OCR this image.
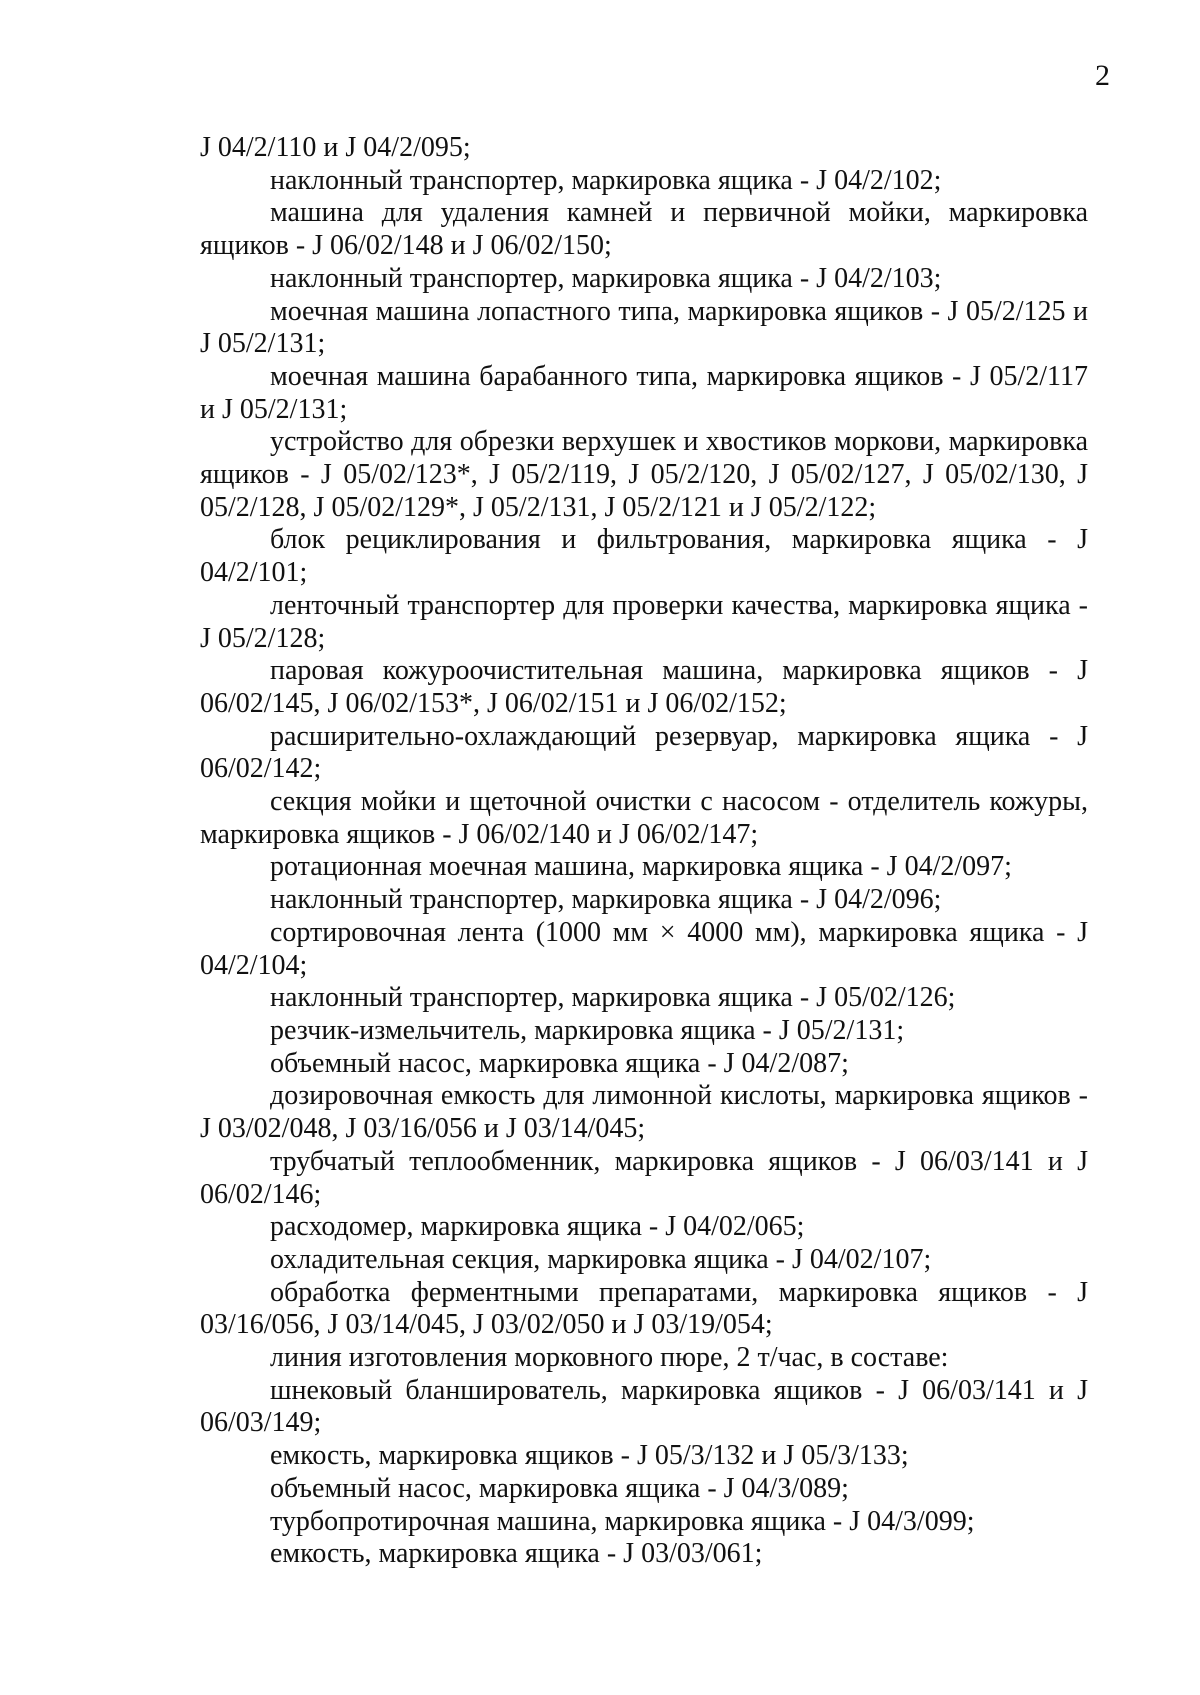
2

J 04/2/110 и J 04/2/095;

наклонный транспортер, маркировка ящика - J 04/2/102;

машина для удаления камней и первичной мойки, маркировка ящиков - J 06/02/148 и J 06/02/150;

наклонный транспортер, маркировка ящика - J 04/2/103;

моечная машина лопастного типа, маркировка ящиков - J 05/2/125 и J 05/2/131;

моечная машина барабанного типа, маркировка ящиков - J 05/2/117 и J 05/2/131;

устройство для обрезки верхушек и хвостиков моркови, маркировка ящиков - J 05/02/123*, J 05/2/119, J 05/2/120, J 05/02/127, J 05/02/130, J 05/2/128, J 05/02/129*, J 05/2/131, J 05/2/121 и J 05/2/122;

блок рециклирования и фильтрования, маркировка ящика - J 04/2/101;

ленточный транспортер для проверки качества, маркировка ящика - J 05/2/128;

паровая кожуроочистительная машина, маркировка ящиков - J 06/02/145, J 06/02/153*, J 06/02/151 и J 06/02/152;

расширительно-охлаждающий резервуар, маркировка ящика - J 06/02/142;

секция мойки и щеточной очистки с насосом - отделитель кожуры, маркировка ящиков - J 06/02/140 и J 06/02/147;

ротационная моечная машина, маркировка ящика - J 04/2/097;

наклонный транспортер, маркировка ящика - J 04/2/096;

сортировочная лента (1000 мм × 4000 мм), маркировка ящика - J 04/2/104;

наклонный транспортер, маркировка ящика - J 05/02/126;

резчик-измельчитель, маркировка ящика - J 05/2/131;

объемный насос, маркировка ящика - J 04/2/087;

дозировочная емкость для лимонной кислоты, маркировка ящиков - J 03/02/048, J 03/16/056 и J 03/14/045;

трубчатый теплообменник, маркировка ящиков - J 06/03/141 и J 06/02/146;

расходомер, маркировка ящика - J 04/02/065;

охладительная секция, маркировка ящика - J 04/02/107;

обработка ферментными препаратами, маркировка ящиков - J 03/16/056, J 03/14/045, J 03/02/050 и J 03/19/054;

линия изготовления морковного пюре, 2 т/час, в составе:

шнековый бланширователь, маркировка ящиков - J 06/03/141 и J 06/03/149;

емкость, маркировка ящиков - J 05/3/132 и J 05/3/133;

объемный насос, маркировка ящика - J 04/3/089;

турбопротирочная машина, маркировка ящика - J 04/3/099;

емкость, маркировка ящика - J 03/03/061;
